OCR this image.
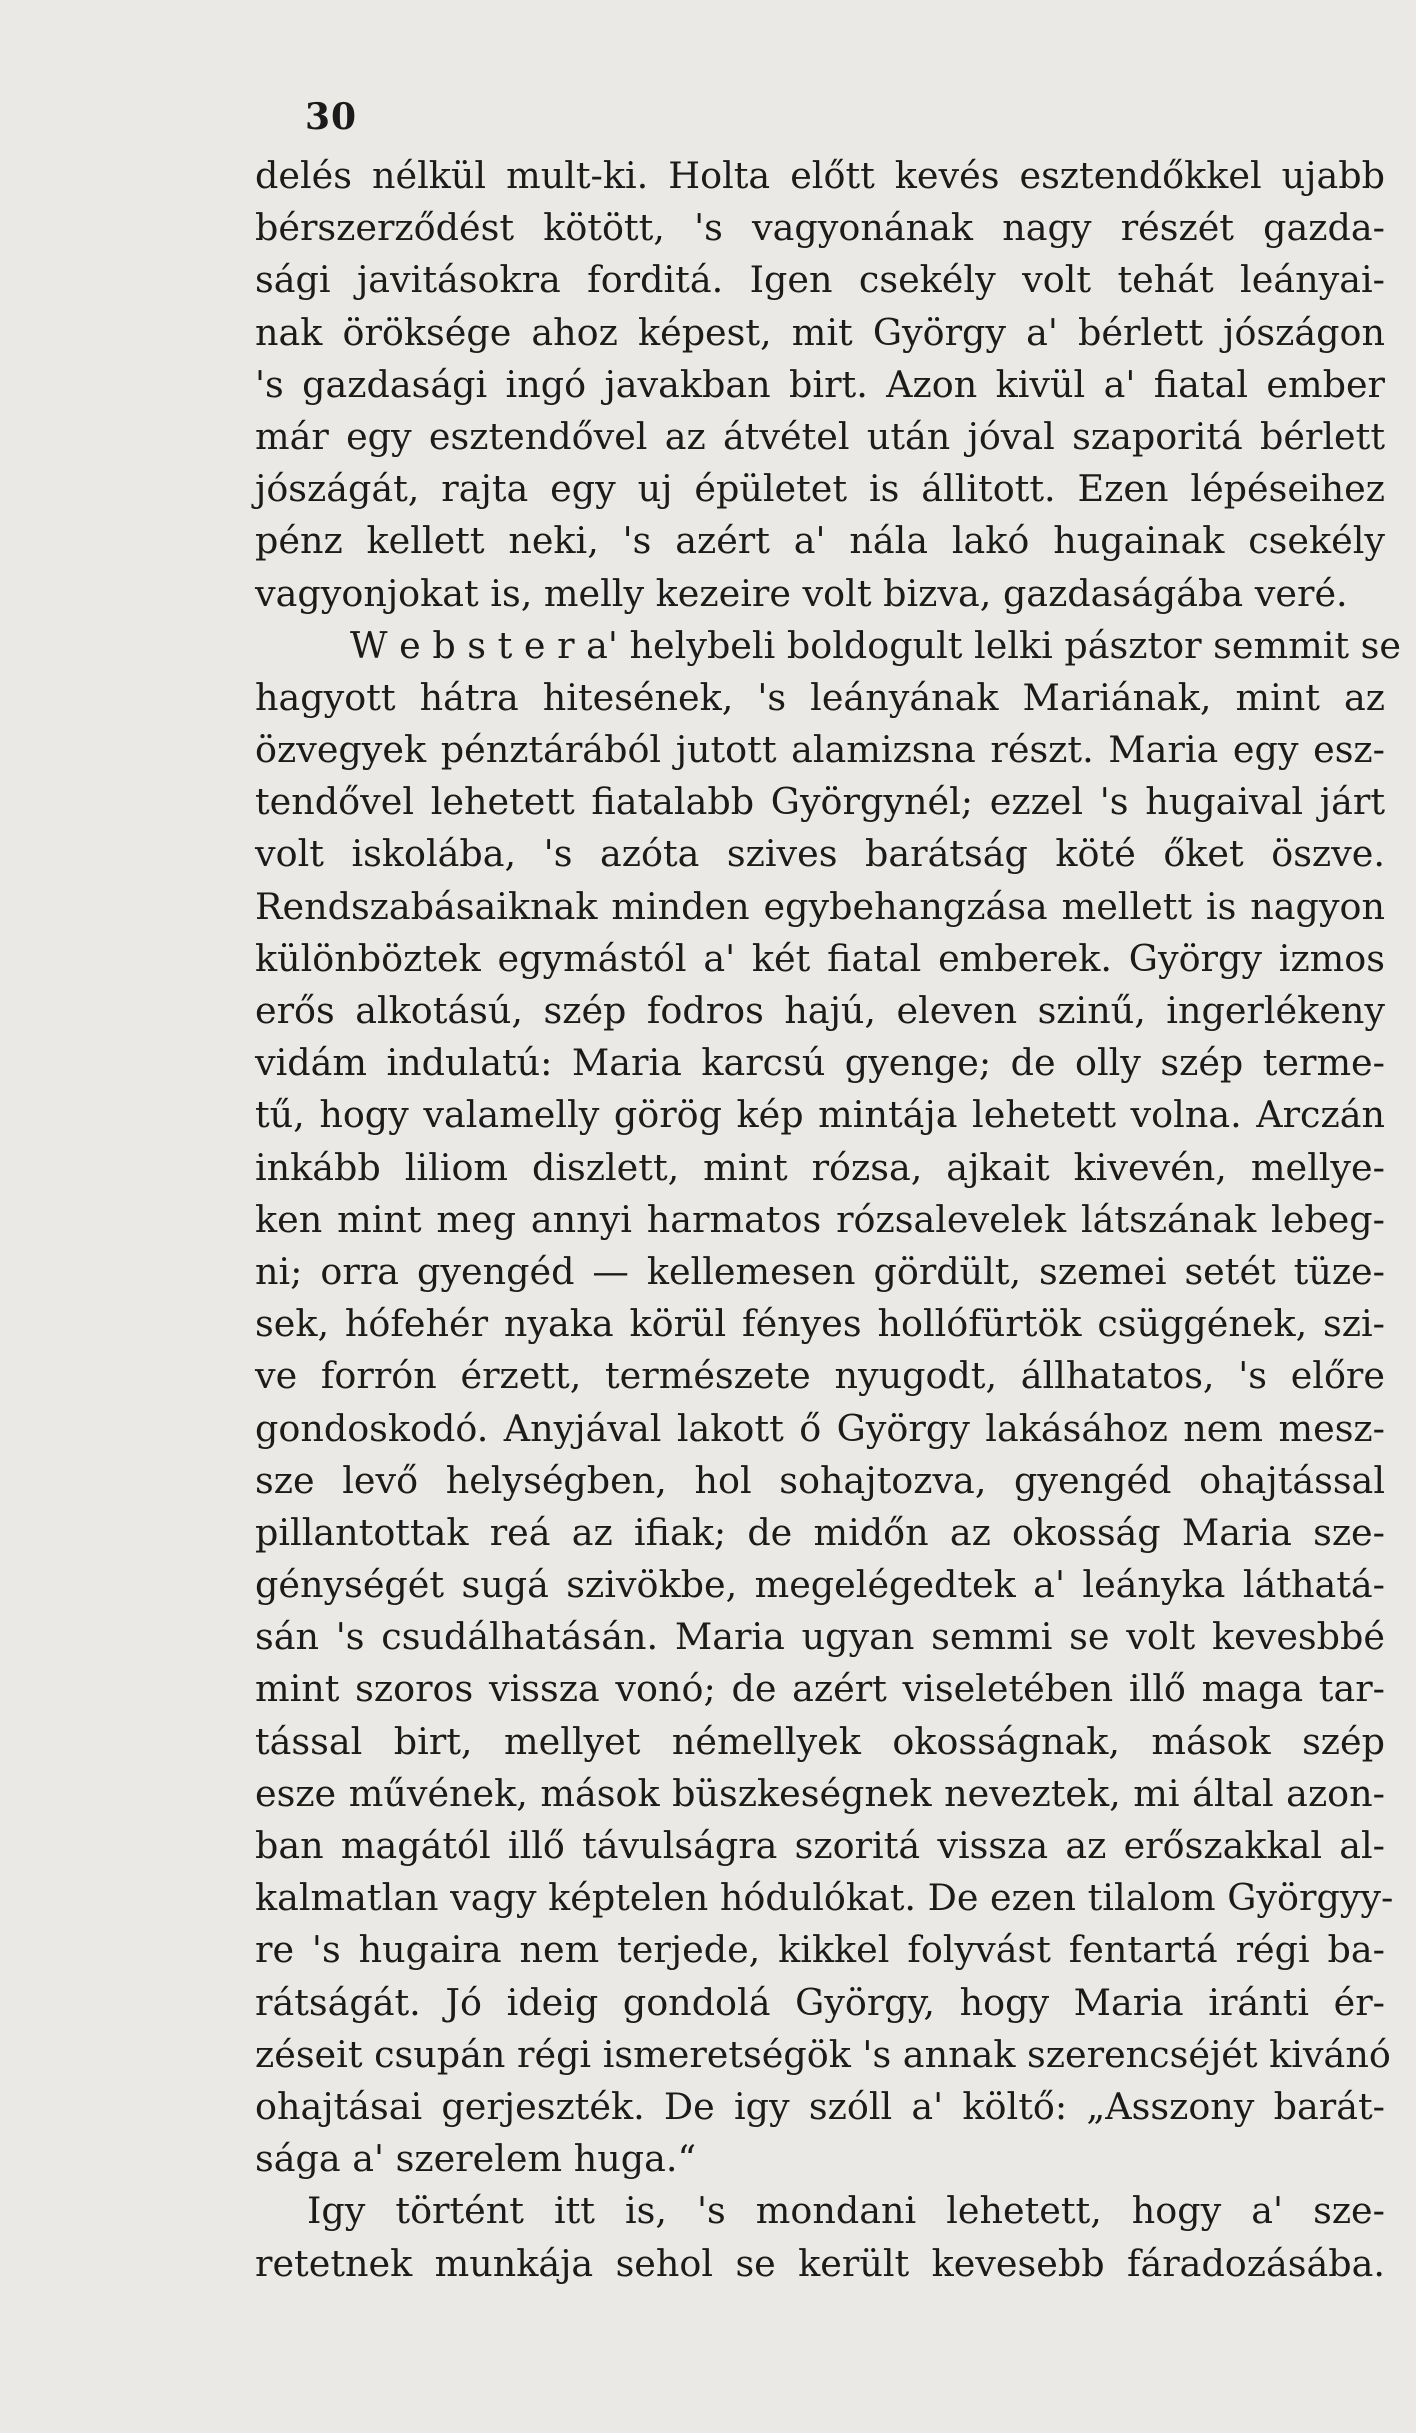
30
delés nélkül mult-ki. Holta előtt kevés esztendőkkel ujabb
bérszerződést kötött, 's vagyonának nagy részét gazda-
sági javitásokra forditá. Igen csekély volt tehát leányai-
nak öröksége ahoz képest, mit György a' bérlett jószágon
's gazdasági ingó javakban birt. Azon kivül a' fiatal ember
már egy esztendővel az átvétel után jóval szaporitá bérlett
jószágát, rajta egy uj épületet is állitott. Ezen lépéseihez
pénz kellett neki, 's azért a' nála lakó hugainak csekély
vagyonjokat is, melly kezeire volt bizva, gazdaságába veré.
W e b s t e r a' helybeli boldogult lelki pásztor semmit se
hagyott hátra hitesének, 's leányának Mariának, mint az
özvegyek pénztárából jutott alamizsna részt. Maria egy esz-
tendővel lehetett fiatalabb Györgynél; ezzel 's hugaival járt
volt iskolába, 's azóta szives barátság köté őket öszve.
Rendszabásaiknak minden egybehangzása mellett is nagyon
különböztek egymástól a' két fiatal emberek. György izmos
erős alkotású, szép fodros hajú, eleven szinű, ingerlékeny
vidám indulatú: Maria karcsú gyenge; de olly szép terme-
tű, hogy valamelly görög kép mintája lehetett volna. Arczán
inkább liliom diszlett, mint rózsa, ajkait kivevén, mellye-
ken mint meg annyi harmatos rózsalevelek látszának lebeg-
ni; orra gyengéd — kellemesen gördült, szemei setét tüze-
sek, hófehér nyaka körül fényes hollófürtök csüggének, szi-
ve forrón érzett, természete nyugodt, állhatatos, 's előre
gondoskodó. Anyjával lakott ő György lakásához nem mesz-
sze levő helységben, hol sohajtozva, gyengéd ohajtással
pillantottak reá az ifiak; de midőn az okosság Maria sze-
génységét sugá szivökbe, megelégedtek a' leányka láthatá-
sán 's csudálhatásán. Maria ugyan semmi se volt kevesbbé
mint szoros vissza vonó; de azért viseletében illő maga tar-
tással birt, mellyet némellyek okosságnak, mások szép
esze művének, mások büszkeségnek neveztek, mi által azon-
ban magától illő távulságra szoritá vissza az erőszakkal al-
kalmatlan vagy képtelen hódulókat. De ezen tilalom Györgyy-
re 's hugaira nem terjede, kikkel folyvást fentartá régi ba-
rátságát. Jó ideig gondolá György, hogy Maria iránti ér-
zéseit csupán régi ismeretségök 's annak szerencséjét kivánó
ohajtásai gerjeszték. De igy szóll a' költő: „Asszony barát-
sága a' szerelem huga.“
Igy történt itt is, 's mondani lehetett, hogy a' sze-
retetnek munkája sehol se került kevesebb fáradozásába.
